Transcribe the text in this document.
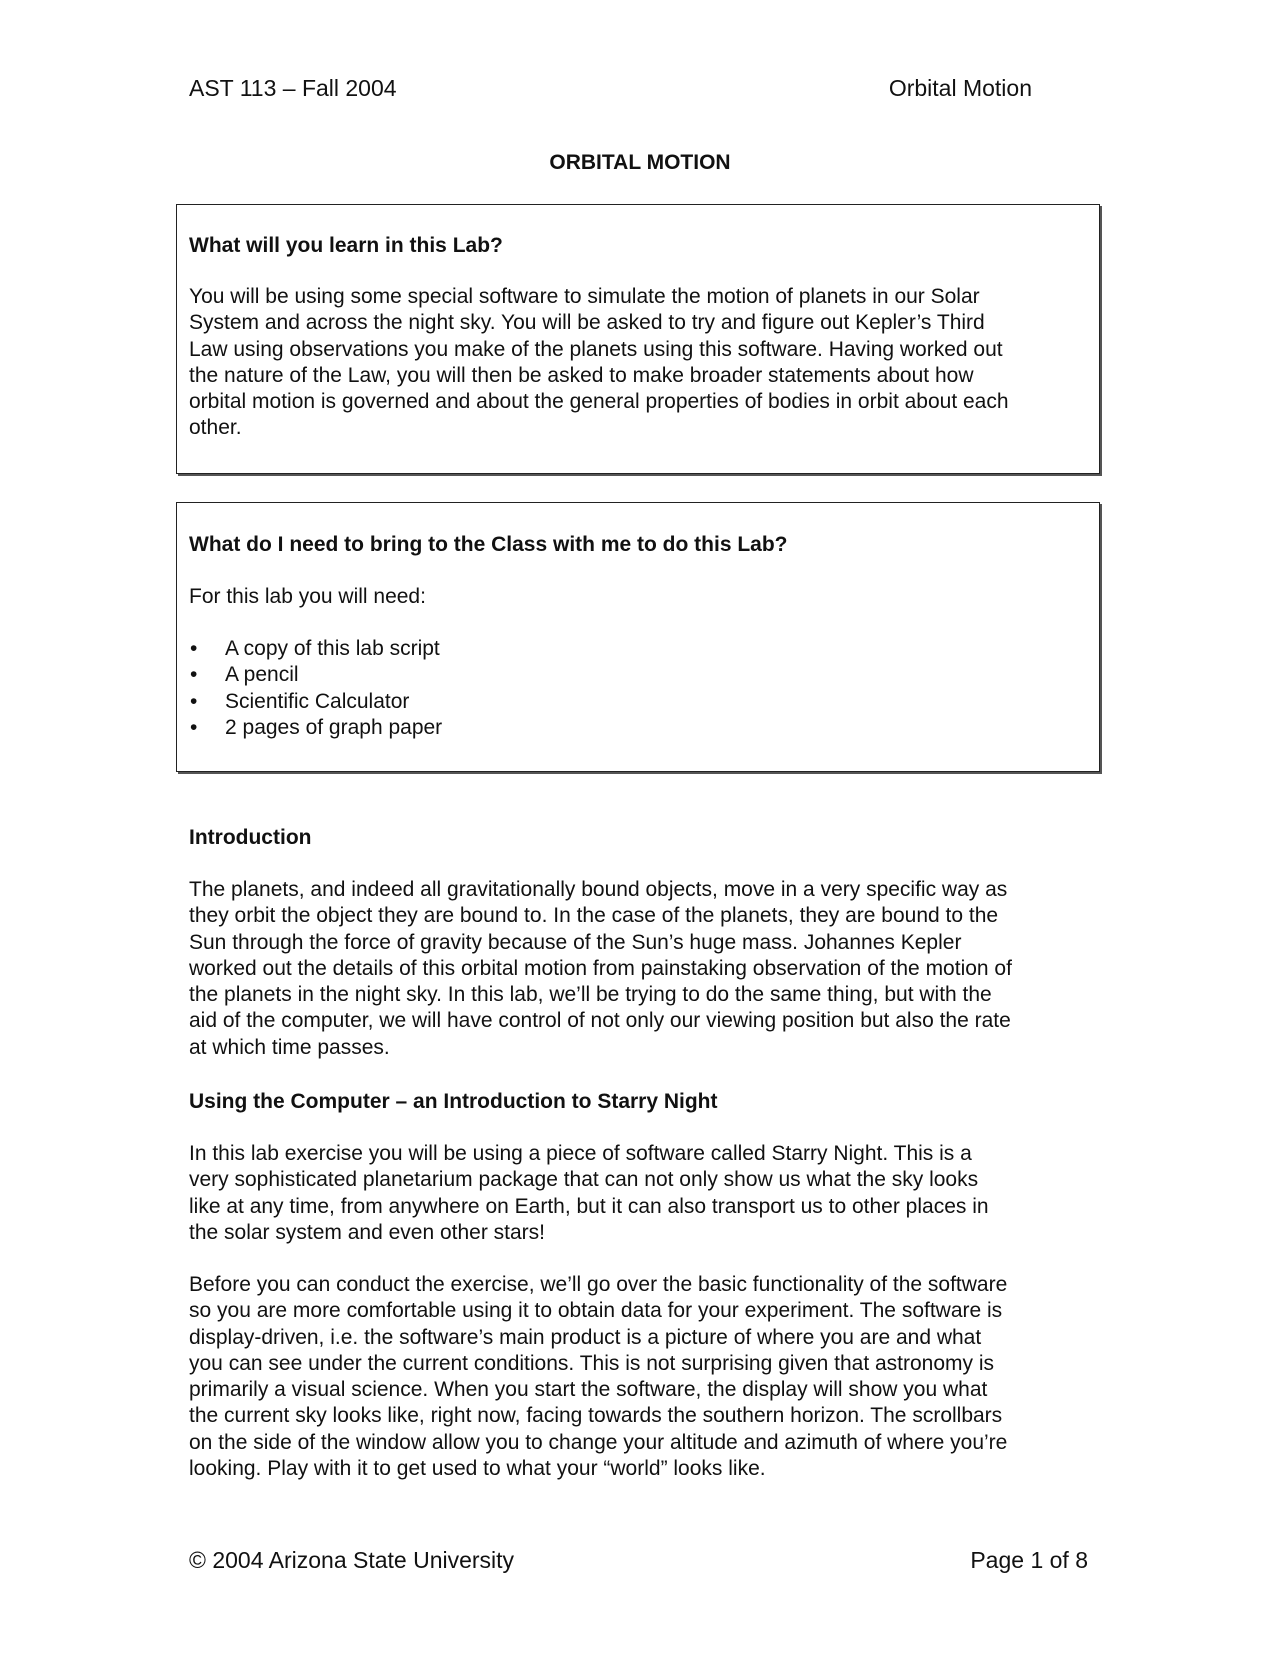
AST 113 – Fall 2004	Orbital Motion
ORBITAL MOTION
What will you learn in this Lab?

You will be using some special software to simulate the motion of planets in our Solar
System and across the night sky. You will be asked to try and figure out Kepler’s Third
Law using observations you make of the planets using this software. Having worked out
the nature of the Law, you will then be asked to make broader statements about how
orbital motion is governed and about the general properties of bodies in orbit about each
other.

What do I need to bring to the Class with me to do this Lab?

For this lab you will need:

• A copy of this lab script
• A pencil
• Scientific Calculator
• 2 pages of graph paper
Introduction

The planets, and indeed all gravitationally bound objects, move in a very specific way as
they orbit the object they are bound to. In the case of the planets, they are bound to the
Sun through the force of gravity because of the Sun’s huge mass. Johannes Kepler
worked out the details of this orbital motion from painstaking observation of the motion of
the planets in the night sky. In this lab, we’ll be trying to do the same thing, but with the
aid of the computer, we will have control of not only our viewing position but also the rate
at which time passes.

Using the Computer – an Introduction to Starry Night

In this lab exercise you will be using a piece of software called Starry Night. This is a
very sophisticated planetarium package that can not only show us what the sky looks
like at any time, from anywhere on Earth, but it can also transport us to other places in
the solar system and even other stars!

Before you can conduct the exercise, we’ll go over the basic functionality of the software
so you are more comfortable using it to obtain data for your experiment. The software is
display-driven, i.e. the software’s main product is a picture of where you are and what
you can see under the current conditions. This is not surprising given that astronomy is
primarily a visual science. When you start the software, the display will show you what
the current sky looks like, right now, facing towards the southern horizon. The scrollbars
on the side of the window allow you to change your altitude and azimuth of where you’re
looking. Play with it to get used to what your “world” looks like.

© 2004 Arizona State University	Page 1 of 8
